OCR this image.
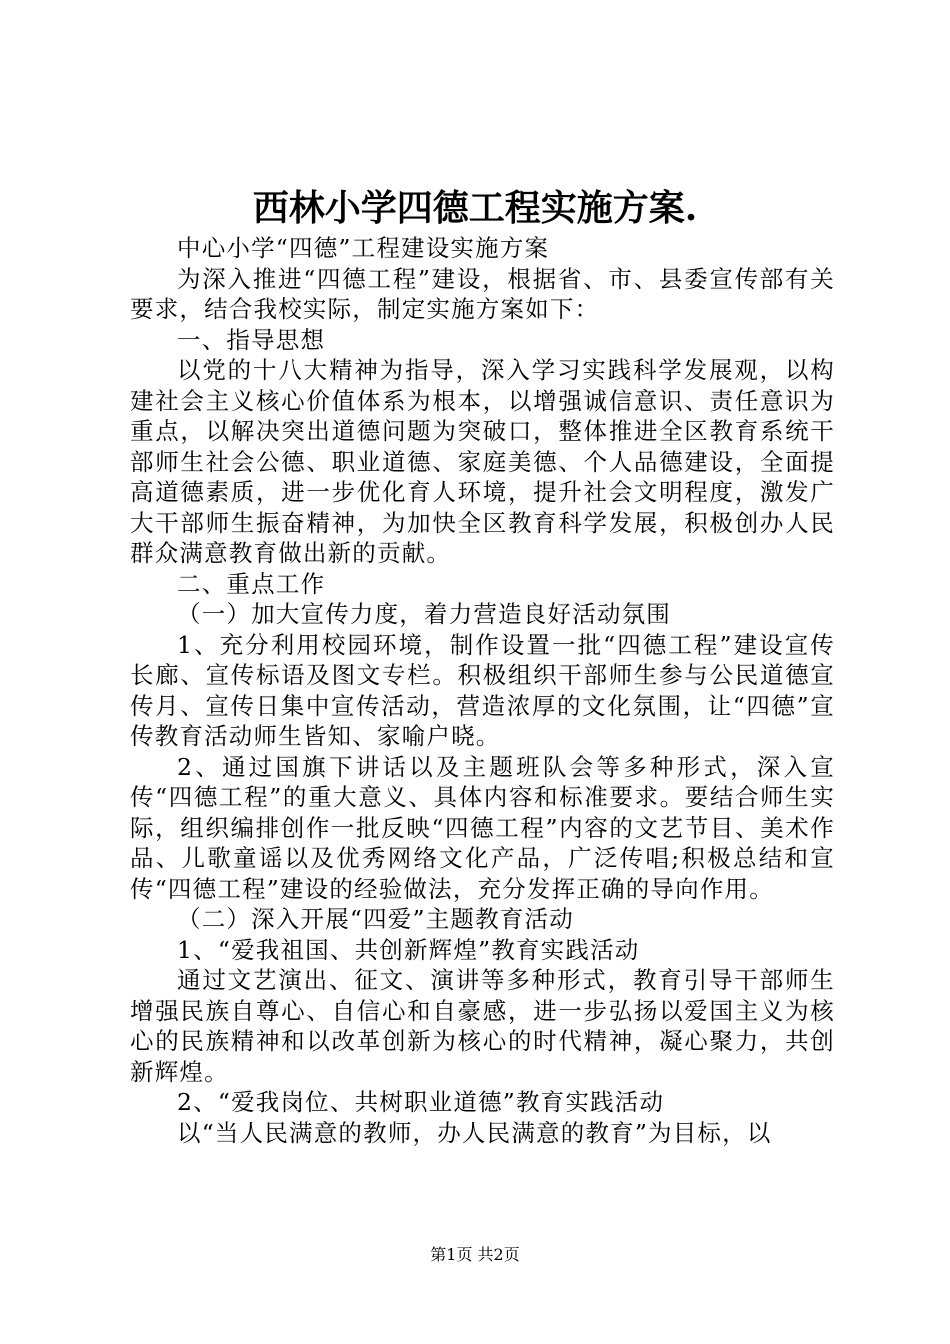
西林小学四德工程实施方案.

中心小学“四德”工程建设实施方案

为深入推进“四德工程”建设，根据省、市、县委宣传部有关要求，结合我校实际，制定实施方案如下：

一、指导思想

以党的十八大精神为指导，深入学习实践科学发展观，以构建社会主义核心价值体系为根本，以增强诚信意识、责任意识为重点，以解决突出道德问题为突破口，整体推进全区教育系统干部师生社会公德、职业道德、家庭美德、个人品德建设，全面提高道德素质，进一步优化育人环境，提升社会文明程度，激发广大干部师生振奋精神，为加快全区教育科学发展，积极创办人民群众满意教育做出新的贡献。

二、重点工作

（一）加大宣传力度，着力营造良好活动氛围

1、充分利用校园环境，制作设置一批“四德工程”建设宣传长廊、宣传标语及图文专栏。积极组织干部师生参与公民道德宣传月、宣传日集中宣传活动，营造浓厚的文化氛围，让“四德”宣传教育活动师生皆知、家喻户晓。

2、通过国旗下讲话以及主题班队会等多种形式，深入宣传“四德工程”的重大意义、具体内容和标准要求。要结合师生实际，组织编排创作一批反映“四德工程”内容的文艺节目、美术作品、儿歌童谣以及优秀网络文化产品，广泛传唱;积极总结和宣传“四德工程”建设的经验做法，充分发挥正确的导向作用。

（二）深入开展“四爱”主题教育活动

1、“爱我祖国、共创新辉煌”教育实践活动

通过文艺演出、征文、演讲等多种形式，教育引导干部师生增强民族自尊心、自信心和自豪感，进一步弘扬以爱国主义为核心的民族精神和以改革创新为核心的时代精神，凝心聚力，共创新辉煌。

2、“爱我岗位、共树职业道德”教育实践活动

以“当人民满意的教师，办人民满意的教育”为目标，以

第1页 共2页
